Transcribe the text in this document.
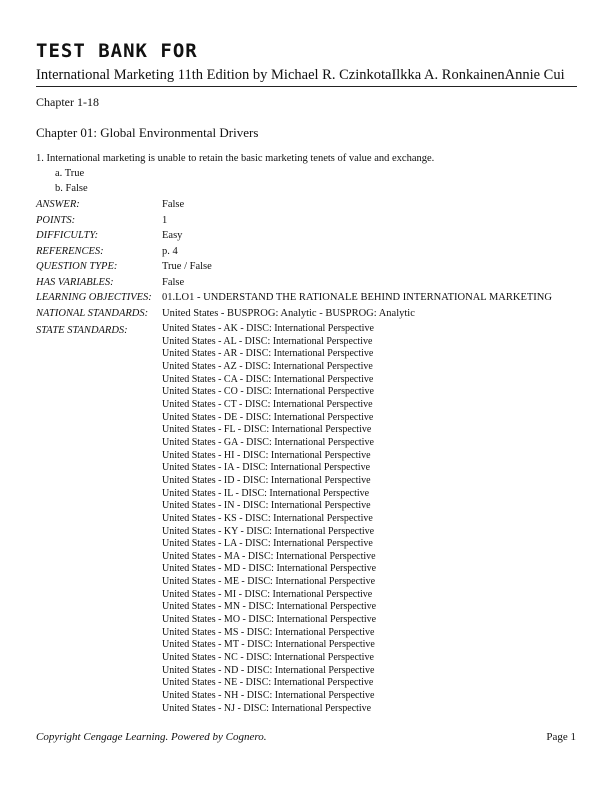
TEST BANK FOR
International Marketing 11th Edition by Michael R. CzinkotaIlkka A. RonkainenAnnie Cui
Chapter 1-18
Chapter 01: Global Environmental Drivers
1. International marketing is unable to retain the basic marketing tenets of value and exchange.
a. True
b. False
ANSWER:	False
POINTS:	1
DIFFICULTY:	Easy
REFERENCES:	p. 4
QUESTION TYPE:	True / False
HAS VARIABLES:	False
LEARNING OBJECTIVES: 01.LO1 - UNDERSTAND THE RATIONALE BEHIND INTERNATIONAL MARKETING
NATIONAL STANDARDS:	United States - BUSPROG: Analytic - BUSPROG: Analytic
STATE STANDARDS:	United States - AK - DISC: International Perspective
United States - AL - DISC: International Perspective
United States - AR - DISC: International Perspective
United States - AZ - DISC: International Perspective
United States - CA - DISC: International Perspective
United States - CO - DISC: International Perspective
United States - CT - DISC: International Perspective
United States - DE - DISC: International Perspective
United States - FL - DISC: International Perspective
United States - GA - DISC: International Perspective
United States - HI - DISC: International Perspective
United States - IA - DISC: International Perspective
United States - ID - DISC: International Perspective
United States - IL - DISC: International Perspective
United States - IN - DISC: International Perspective
United States - KS - DISC: International Perspective
United States - KY - DISC: International Perspective
United States - LA - DISC: International Perspective
United States - MA - DISC: International Perspective
United States - MD - DISC: International Perspective
United States - ME - DISC: International Perspective
United States - MI - DISC: International Perspective
United States - MN - DISC: International Perspective
United States - MO - DISC: International Perspective
United States - MS - DISC: International Perspective
United States - MT - DISC: International Perspective
United States - NC - DISC: International Perspective
United States - ND - DISC: International Perspective
United States - NE - DISC: International Perspective
United States - NH - DISC: International Perspective
United States - NJ - DISC: International Perspective
Copyright Cengage Learning. Powered by Cognero.	Page 1
